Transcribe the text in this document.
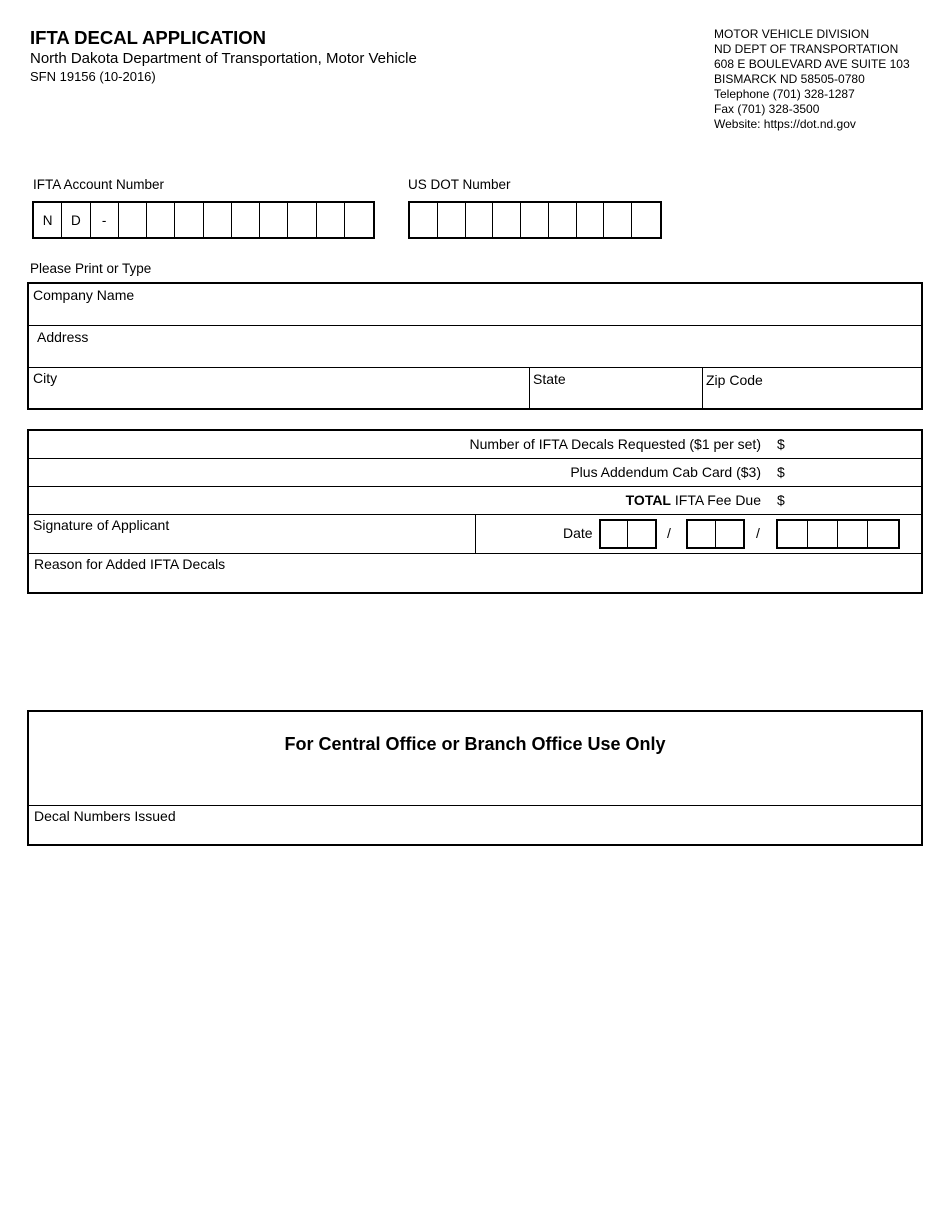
IFTA DECAL APPLICATION
North Dakota Department of Transportation, Motor Vehicle
SFN 19156 (10-2016)
MOTOR VEHICLE DIVISION
ND DEPT OF TRANSPORTATION
608 E BOULEVARD AVE SUITE 103
BISMARCK ND 58505-0780
Telephone (701) 328-1287
Fax (701) 328-3500
Website: https://dot.nd.gov
IFTA Account Number
N	D	-
US DOT Number
Please Print or Type
Company Name
Address
City	State	Zip Code
Number of IFTA Decals Requested ($1 per set) $
Plus Addendum Cab Card ($3) $
TOTAL IFTA Fee Due $
Signature of Applicant	Date	/	/
Reason for Added IFTA Decals
For Central Office or Branch Office Use Only
Decal Numbers Issued
